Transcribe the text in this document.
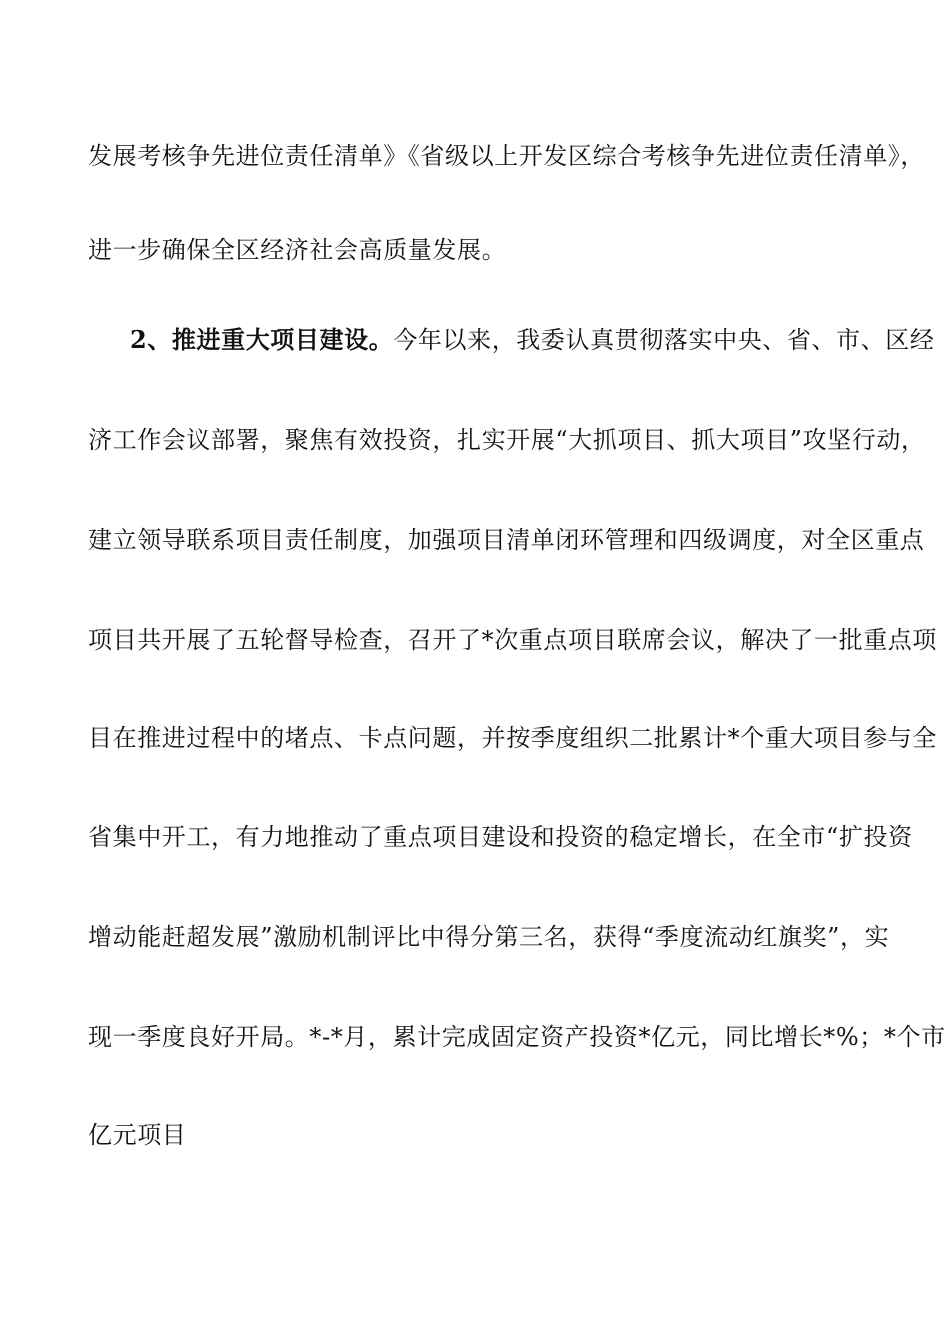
发展考核争先进位责任清单》《省级以上开发区综合考核争先进位责任清单》，
进一步确保全区经济社会高质量发展。
2、推进重大项目建设。今年以来，我委认真贯彻落实中央、省、市、区经
济工作会议部署，聚焦有效投资，扎实开展“大抓项目、抓大项目”攻坚行动，
建立领导联系项目责任制度，加强项目清单闭环管理和四级调度，对全区重点
项目共开展了五轮督导检查，召开了*次重点项目联席会议，解决了一批重点项
目在推进过程中的堵点、卡点问题，并按季度组织二批累计*个重大项目参与全
省集中开工，有力地推动了重点项目建设和投资的稳定增长，在全市“扩投资
增动能赶超发展”激励机制评比中得分第三名，获得“季度流动红旗奖”，实
现一季度良好开局。*-*月，累计完成固定资产投资*亿元，同比增长*%；*个市
亿元项目
